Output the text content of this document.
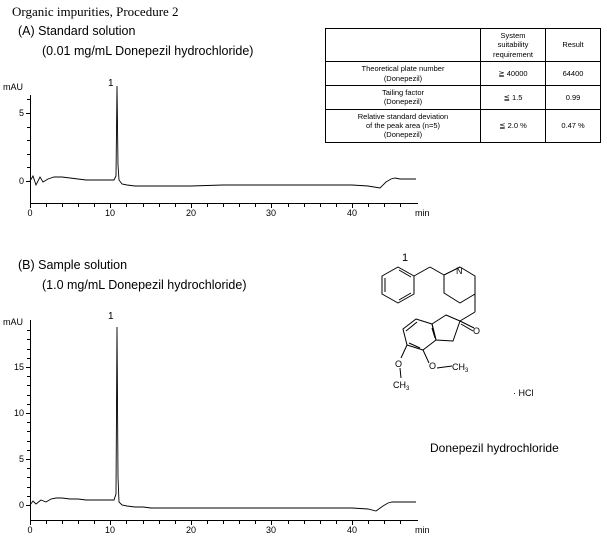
Organic impurities, Procedure 2
(A) Standard solution
(0.01 mg/mL Donepezil hydrochloride)
mAU
min
0	10	20	30	40
0
5
1
	System
suitability
requirement	Result
Theoretical plate number
(Donepezil)	≧ 40000	64400
Tailing factor
(Donepezil)	≦ 1.5	0.99
Relative standard deviation
of the peak area (n=5)
(Donepezil)	≦ 2.0 %	0.47 %
(B) Sample solution
(1.0 mg/mL Donepezil hydrochloride)
mAU
min
0	10	20	30	40
0
5
10
15
1
1
· HCl
Donepezil hydrochloride
N
O
O
O	$CH_3$
$CH_3$
